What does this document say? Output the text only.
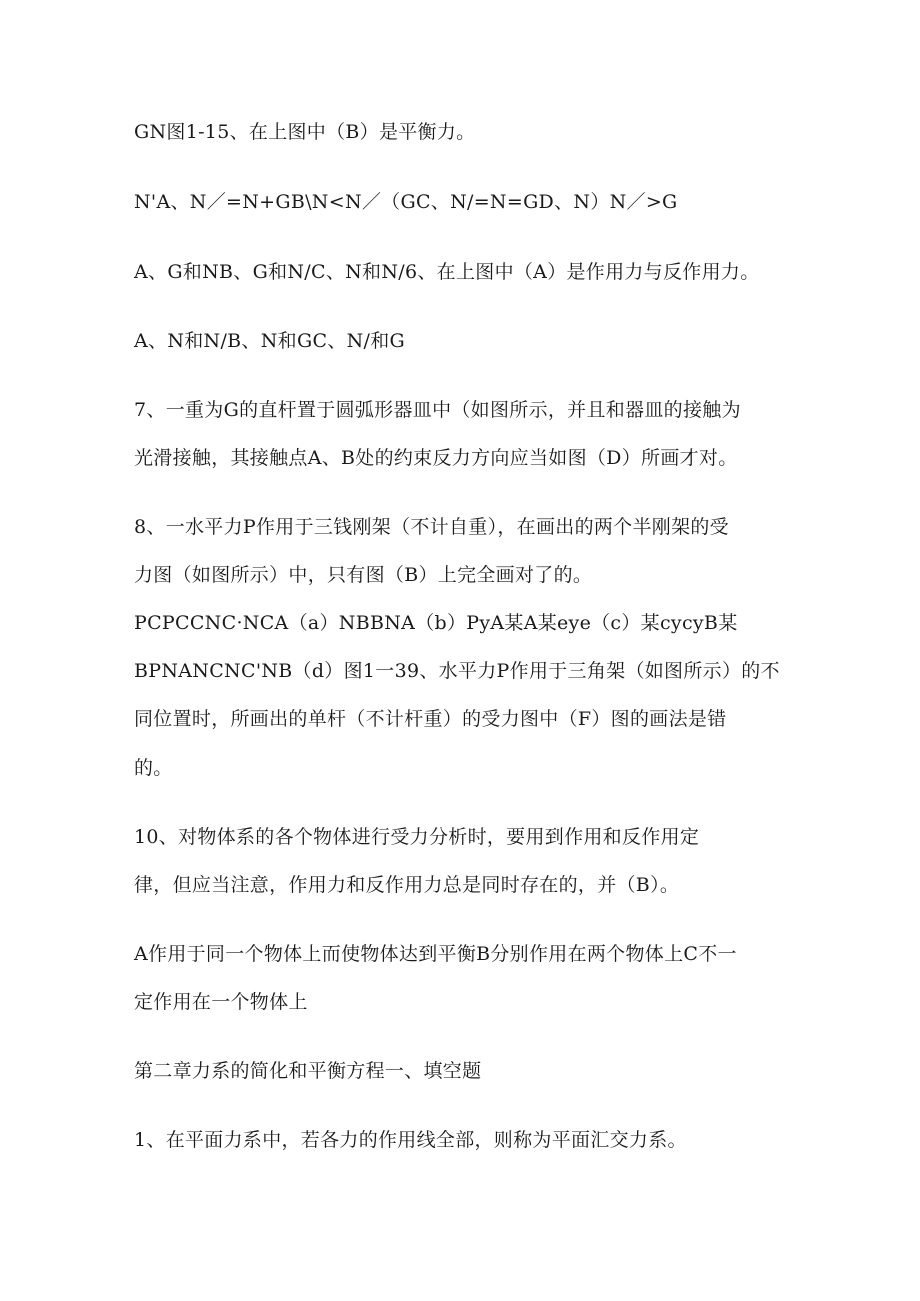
GN图1-15、在上图中（B）是平衡力。
N'A、N／=N+GB\N<N／（GC、N/=N=GD、N）N／>G
A、G和NB、G和N/C、N和N/6、在上图中（A）是作用力与反作用力。
A、N和N/B、N和GC、N/和G
7、一重为G的直杆置于圆弧形器皿中（如图所示，并且和器皿的接触为
光滑接触，其接触点A、B处的约束反力方向应当如图（D）所画才对。
8、一水平力P作用于三钱刚架（不计自重），在画出的两个半刚架的受
力图（如图所示）中，只有图（B）上完全画对了的。
PCPCCNC·NCA（a）NBBNA（b）PyA某A某eye（c）某cycyB某
BPNANCNC'NB（d）图1一39、水平力P作用于三角架（如图所示）的不
同位置时，所画出的单杆（不计杆重）的受力图中（F）图的画法是错
的。
10、对物体系的各个物体进行受力分析时，要用到作用和反作用定
律，但应当注意，作用力和反作用力总是同时存在的，并（B）。
A作用于同一个物体上而使物体达到平衡B分别作用在两个物体上C不一
定作用在一个物体上
第二章力系的简化和平衡方程一、填空题
1、在平面力系中，若各力的作用线全部，则称为平面汇交力系。
